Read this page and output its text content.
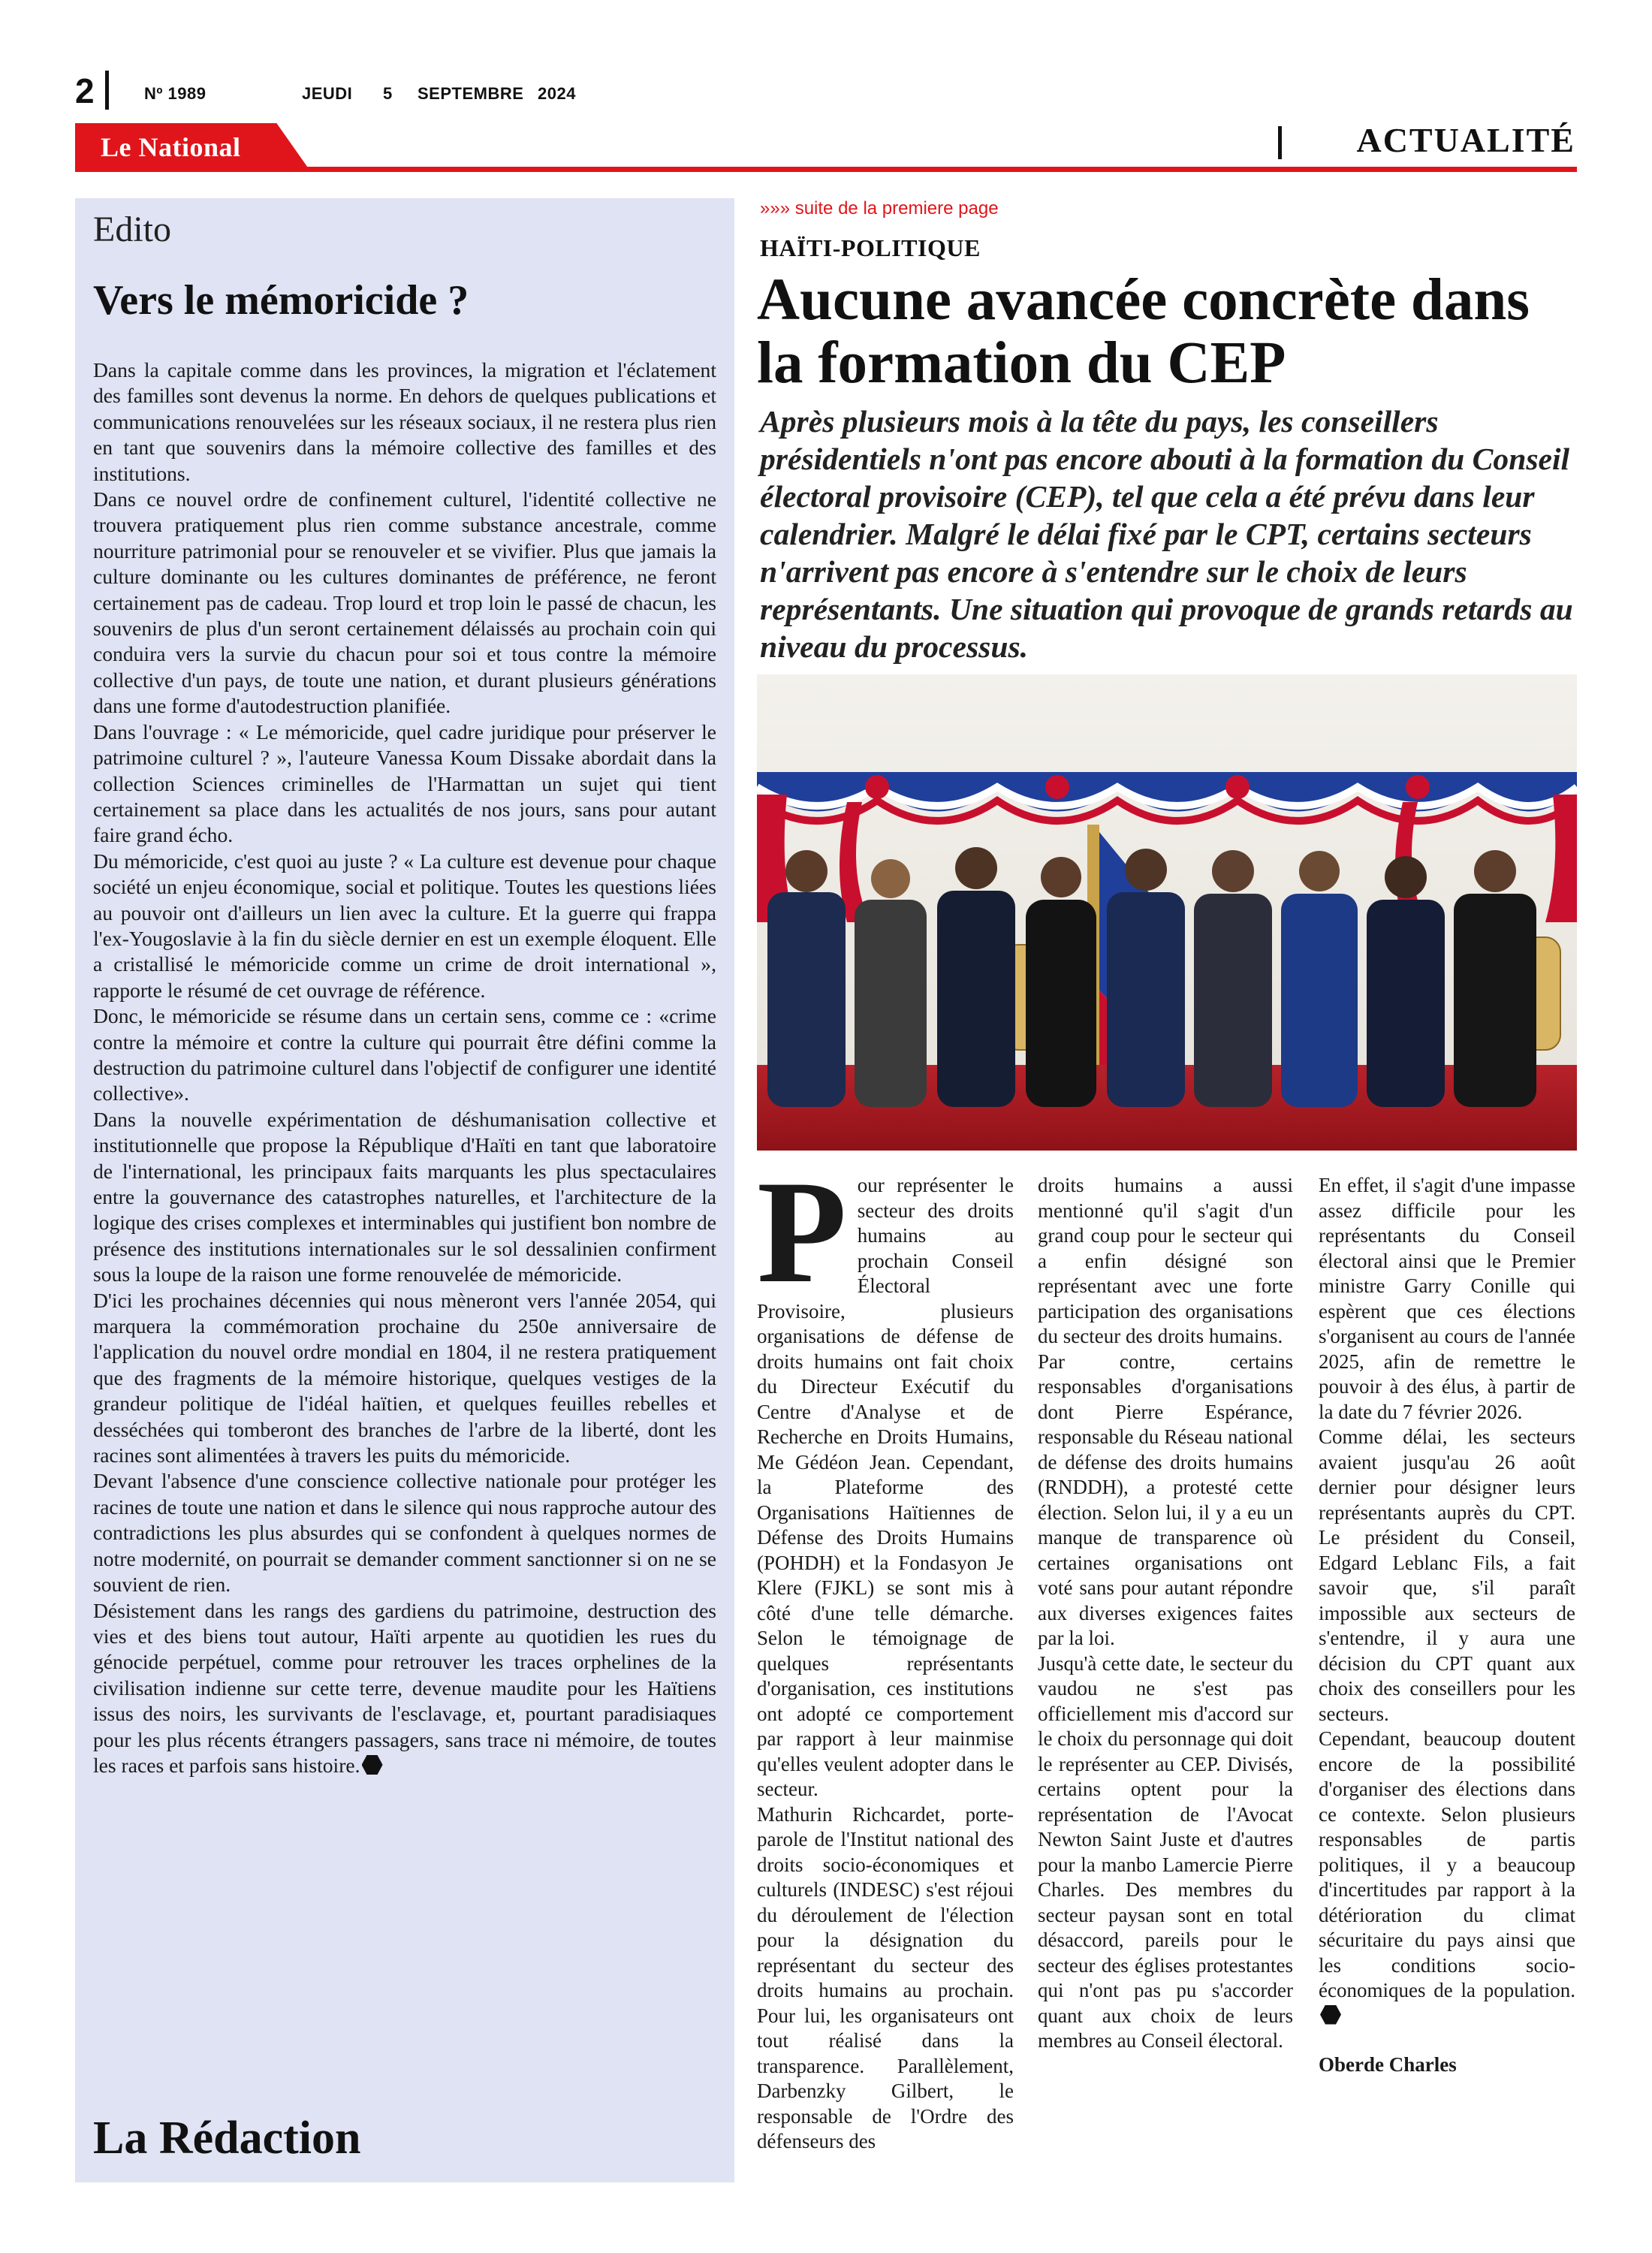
2	Nº 1989	JEUDI 5 SEPTEMBRE 2024
Le National	ACTUALITÉ
Edito
Vers le mémoricide ?

Dans la capitale comme dans les provinces, la migration et l'éclatement des familles sont devenus la norme. En dehors de quelques publications et communications renouvelées sur les réseaux sociaux, il ne restera plus rien en tant que souvenirs dans la mémoire collective des familles et des institutions.

Dans ce nouvel ordre de confinement culturel, l'identité collective ne trouvera pratiquement plus rien comme substance ancestrale, comme nourriture patrimonial pour se renouveler et se vivifier. Plus que jamais la culture dominante ou les cultures dominantes de préférence, ne feront certainement pas de cadeau. Trop lourd et trop loin le passé de chacun, les souvenirs de plus d'un seront certainement délaissés au prochain coin qui conduira vers la survie du chacun pour soi et tous contre la mémoire collective d'un pays, de toute une nation, et durant plusieurs générations dans une forme d'autodestruction planifiée.

Dans l'ouvrage : « Le mémoricide, quel cadre juridique pour préserver le patrimoine culturel ? », l'auteure Vanessa Koum Dissake abordait dans la collection Sciences criminelles de l'Harmattan un sujet qui tient certainement sa place dans les actualités de nos jours, sans pour autant faire grand écho.

Du mémoricide, c'est quoi au juste ? « La culture est devenue pour chaque société un enjeu économique, social et politique. Toutes les questions liées au pouvoir ont d'ailleurs un lien avec la culture. Et la guerre qui frappa l'ex-Yougoslavie à la fin du siècle dernier en est un exemple éloquent. Elle a cristallisé le mémoricide comme un crime de droit international », rapporte le résumé de cet ouvrage de référence.

Donc, le mémoricide se résume dans un certain sens, comme ce : «crime contre la mémoire et contre la culture qui pourrait être défini comme la destruction du patrimoine culturel dans l'objectif de configurer une identité collective».

Dans la nouvelle expérimentation de déshumanisation collective et institutionnelle que propose la République d'Haïti en tant que laboratoire de l'international, les principaux faits marquants les plus spectaculaires entre la gouvernance des catastrophes naturelles, et l'architecture de la logique des crises complexes et interminables qui justifient bon nombre de présence des institutions internationales sur le sol dessalinien confirment sous la loupe de la raison une forme renouvelée de mémoricide.

D'ici les prochaines décennies qui nous mèneront vers l'année 2054, qui marquera la commémoration prochaine du 250e anniversaire de l'application du nouvel ordre mondial en 1804, il ne restera pratiquement que des fragments de la mémoire historique, quelques vestiges de la grandeur politique de l'idéal haïtien, et quelques feuilles rebelles et desséchées qui tomberont des branches de l'arbre de la liberté, dont les racines sont alimentées à travers les puits du mémoricide.

Devant l'absence d'une conscience collective nationale pour protéger les racines de toute une nation et dans le silence qui nous rapproche autour des contradictions les plus absurdes qui se confondent à quelques normes de notre modernité, on pourrait se demander comment sanctionner si on ne se souvient de rien.

Désistement dans les rangs des gardiens du patrimoine, destruction des vies et des biens tout autour, Haïti arpente au quotidien les rues du génocide perpétuel, comme pour retrouver les traces orphelines de la civilisation indienne sur cette terre, devenue maudite pour les Haïtiens issus des noirs, les survivants de l'esclavage, et, pourtant paradisiaques pour les plus récents étrangers passagers, sans trace ni mémoire, de toutes les races et parfois sans histoire.

La Rédaction
»»» suite de la premiere page
HAÏTI-POLITIQUE
Aucune avancée concrète dans la formation du CEP

Après plusieurs mois à la tête du pays, les conseillers présidentiels n'ont pas encore abouti à la formation du Conseil électoral provisoire (CEP), tel que cela a été prévu dans leur calendrier. Malgré le délai fixé par le CPT, certains secteurs n'arrivent pas encore à s'entendre sur le choix de leurs représentants. Une situation qui provoque de grands retards au niveau du processus.

Pour représenter le secteur des droits humains au prochain Conseil Électoral Provisoire, plusieurs organisations de défense de droits humains ont fait choix du Directeur Exécutif du Centre d'Analyse et de Recherche en Droits Humains, Me Gédéon Jean. Cependant, la Plateforme des Organisations Haïtiennes de Défense des Droits Humains (POHDH) et la Fondasyon Je Klere (FJKL) se sont mis à côté d'une telle démarche. Selon le témoignage de quelques représentants d'organisation, ces institutions ont adopté ce comportement par rapport à leur mainmise qu'elles veulent adopter dans le secteur.

Mathurin Richcardet, porte-parole de l'Institut national des droits socio-économiques et culturels (INDESC) s'est réjoui du déroulement de l'élection pour la désignation du représentant du secteur des droits humains au prochain. Pour lui, les organisateurs ont tout réalisé dans la transparence. Parallèlement, Darbenzky Gilbert, le responsable de l'Ordre des défenseurs des

droits humains a aussi mentionné qu'il s'agit d'un grand coup pour le secteur qui a enfin désigné son représentant avec une forte participation des organisations du secteur des droits humains.

Par contre, certains responsables d'organisations dont Pierre Espérance, responsable du Réseau national de défense des droits humains (RNDDH), a protesté cette élection. Selon lui, il y a eu un manque de transparence où certaines organisations ont voté sans pour autant répondre aux diverses exigences faites par la loi.

Jusqu'à cette date, le secteur du vaudou ne s'est pas officiellement mis d'accord sur le choix du personnage qui doit le représenter au CEP. Divisés, certains optent pour la représentation de l'Avocat Newton Saint Juste et d'autres pour la manbo Lamercie Pierre Charles. Des membres du secteur paysan sont en total désaccord, pareils pour le secteur des églises protestantes qui n'ont pas pu s'accorder quant aux choix de leurs membres au Conseil électoral.

En effet, il s'agit d'une impasse assez difficile pour les représentants du Conseil électoral ainsi que le Premier ministre Garry Conille qui espèrent que ces élections s'organisent au cours de l'année 2025, afin de remettre le pouvoir à des élus, à partir de la date du 7 février 2026.

Comme délai, les secteurs avaient jusqu'au 26 août dernier pour désigner leurs représentants auprès du CPT. Le président du Conseil, Edgard Leblanc Fils, a fait savoir que, s'il paraît impossible aux secteurs de s'entendre, il y aura une décision du CPT quant aux choix des conseillers pour les secteurs.

Cependant, beaucoup doutent encore de la possibilité d'organiser des élections dans ce contexte. Selon plusieurs responsables de partis politiques, il y a beaucoup d'incertitudes par rapport à la détérioration du climat sécuritaire du pays ainsi que les conditions socio-économiques de la population.

Oberde Charles
